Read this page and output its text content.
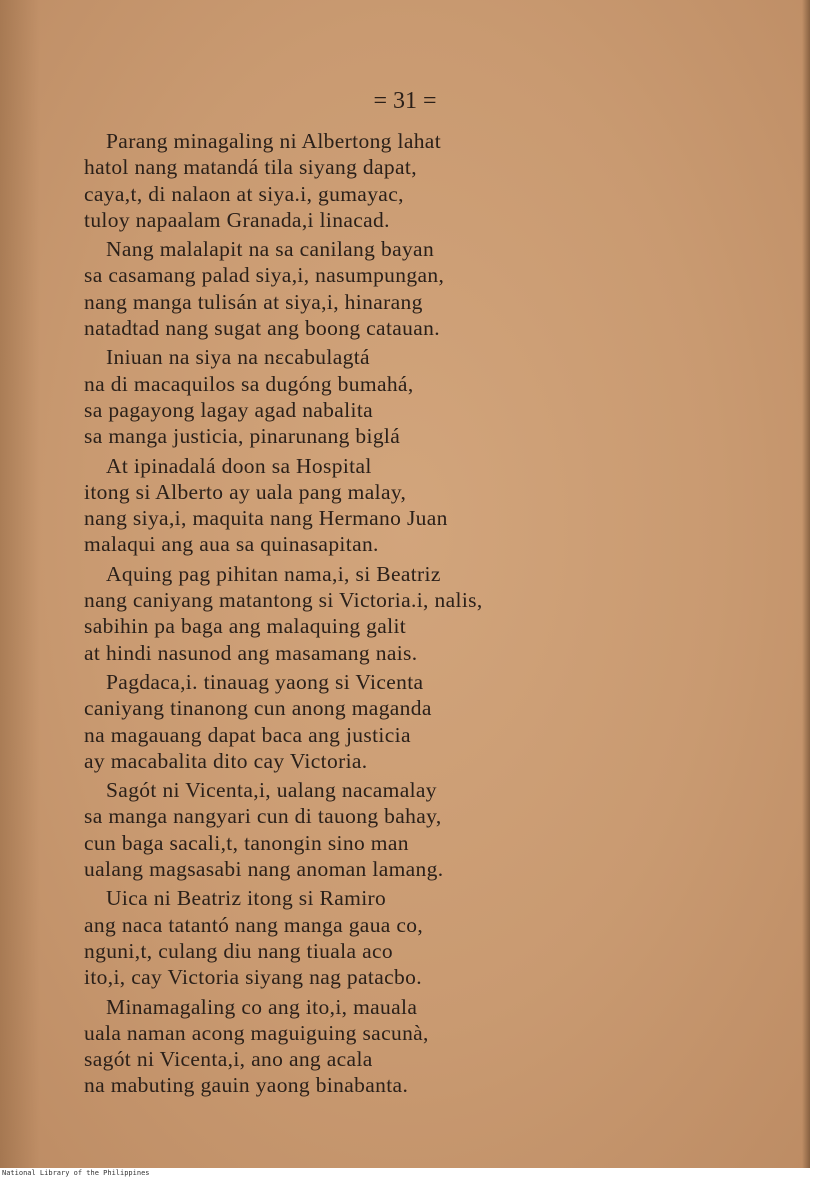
= 31 =
Parang minagaling ni Albertong lahat
hatol nang matandá tila siyang dapat,
caya,t, di nalaon at siya.i, gumayac,
tuloy napaalam Granada,i linacad.
Nang malalapit na sa canilang bayan
sa casamang palad siya,i, nasumpungan,
nang manga tulisán at siya,i, hinarang
natadtad nang sugat ang boong catauan.
Iniuan na siya na nɛcabulagtá
na di macaquilos sa dugóng bumahá,
sa pagayong lagay agad nabalita
sa manga justicia, pinarunang biglá
At ipinadalá doon sa Hospital
itong si Alberto ay uala pang malay,
nang siya,i, maquita nang Hermano Juan
malaqui ang aua sa quinasapitan.
Aquing pag pihitan nama,i, si Beatriz
nang caniyang matantong si Victoria.i, nalis,
sabihin pa baga ang malaquing galit
at hindi nasunod ang masamang nais.
Pagdaca,i. tinauag yaong si Vicenta
caniyang tinanong cun anong maganda
na magauang dapat baca ang justicia
ay macabalita dito cay Victoria.
Sagót ni Vicenta,i, ualang nacamalay
sa manga nangyari cun di tauong bahay,
cun baga sacali,t, tanongin sino man
ualang magsasabi nang anoman lamang.
Uica ni Beatriz itong si Ramiro
ang naca tatantó nang manga gaua co,
nguni,t, culang diu nang tiuala aco
ito,i, cay Victoria siyang nag patacbo.
Minamagaling co ang ito,i, mauala
uala naman acong maguiguing sacunà,
sagót ni Vicenta,i, ano ang acala
na mabuting gauin yaong binabanta.
National Library of the Philippines
